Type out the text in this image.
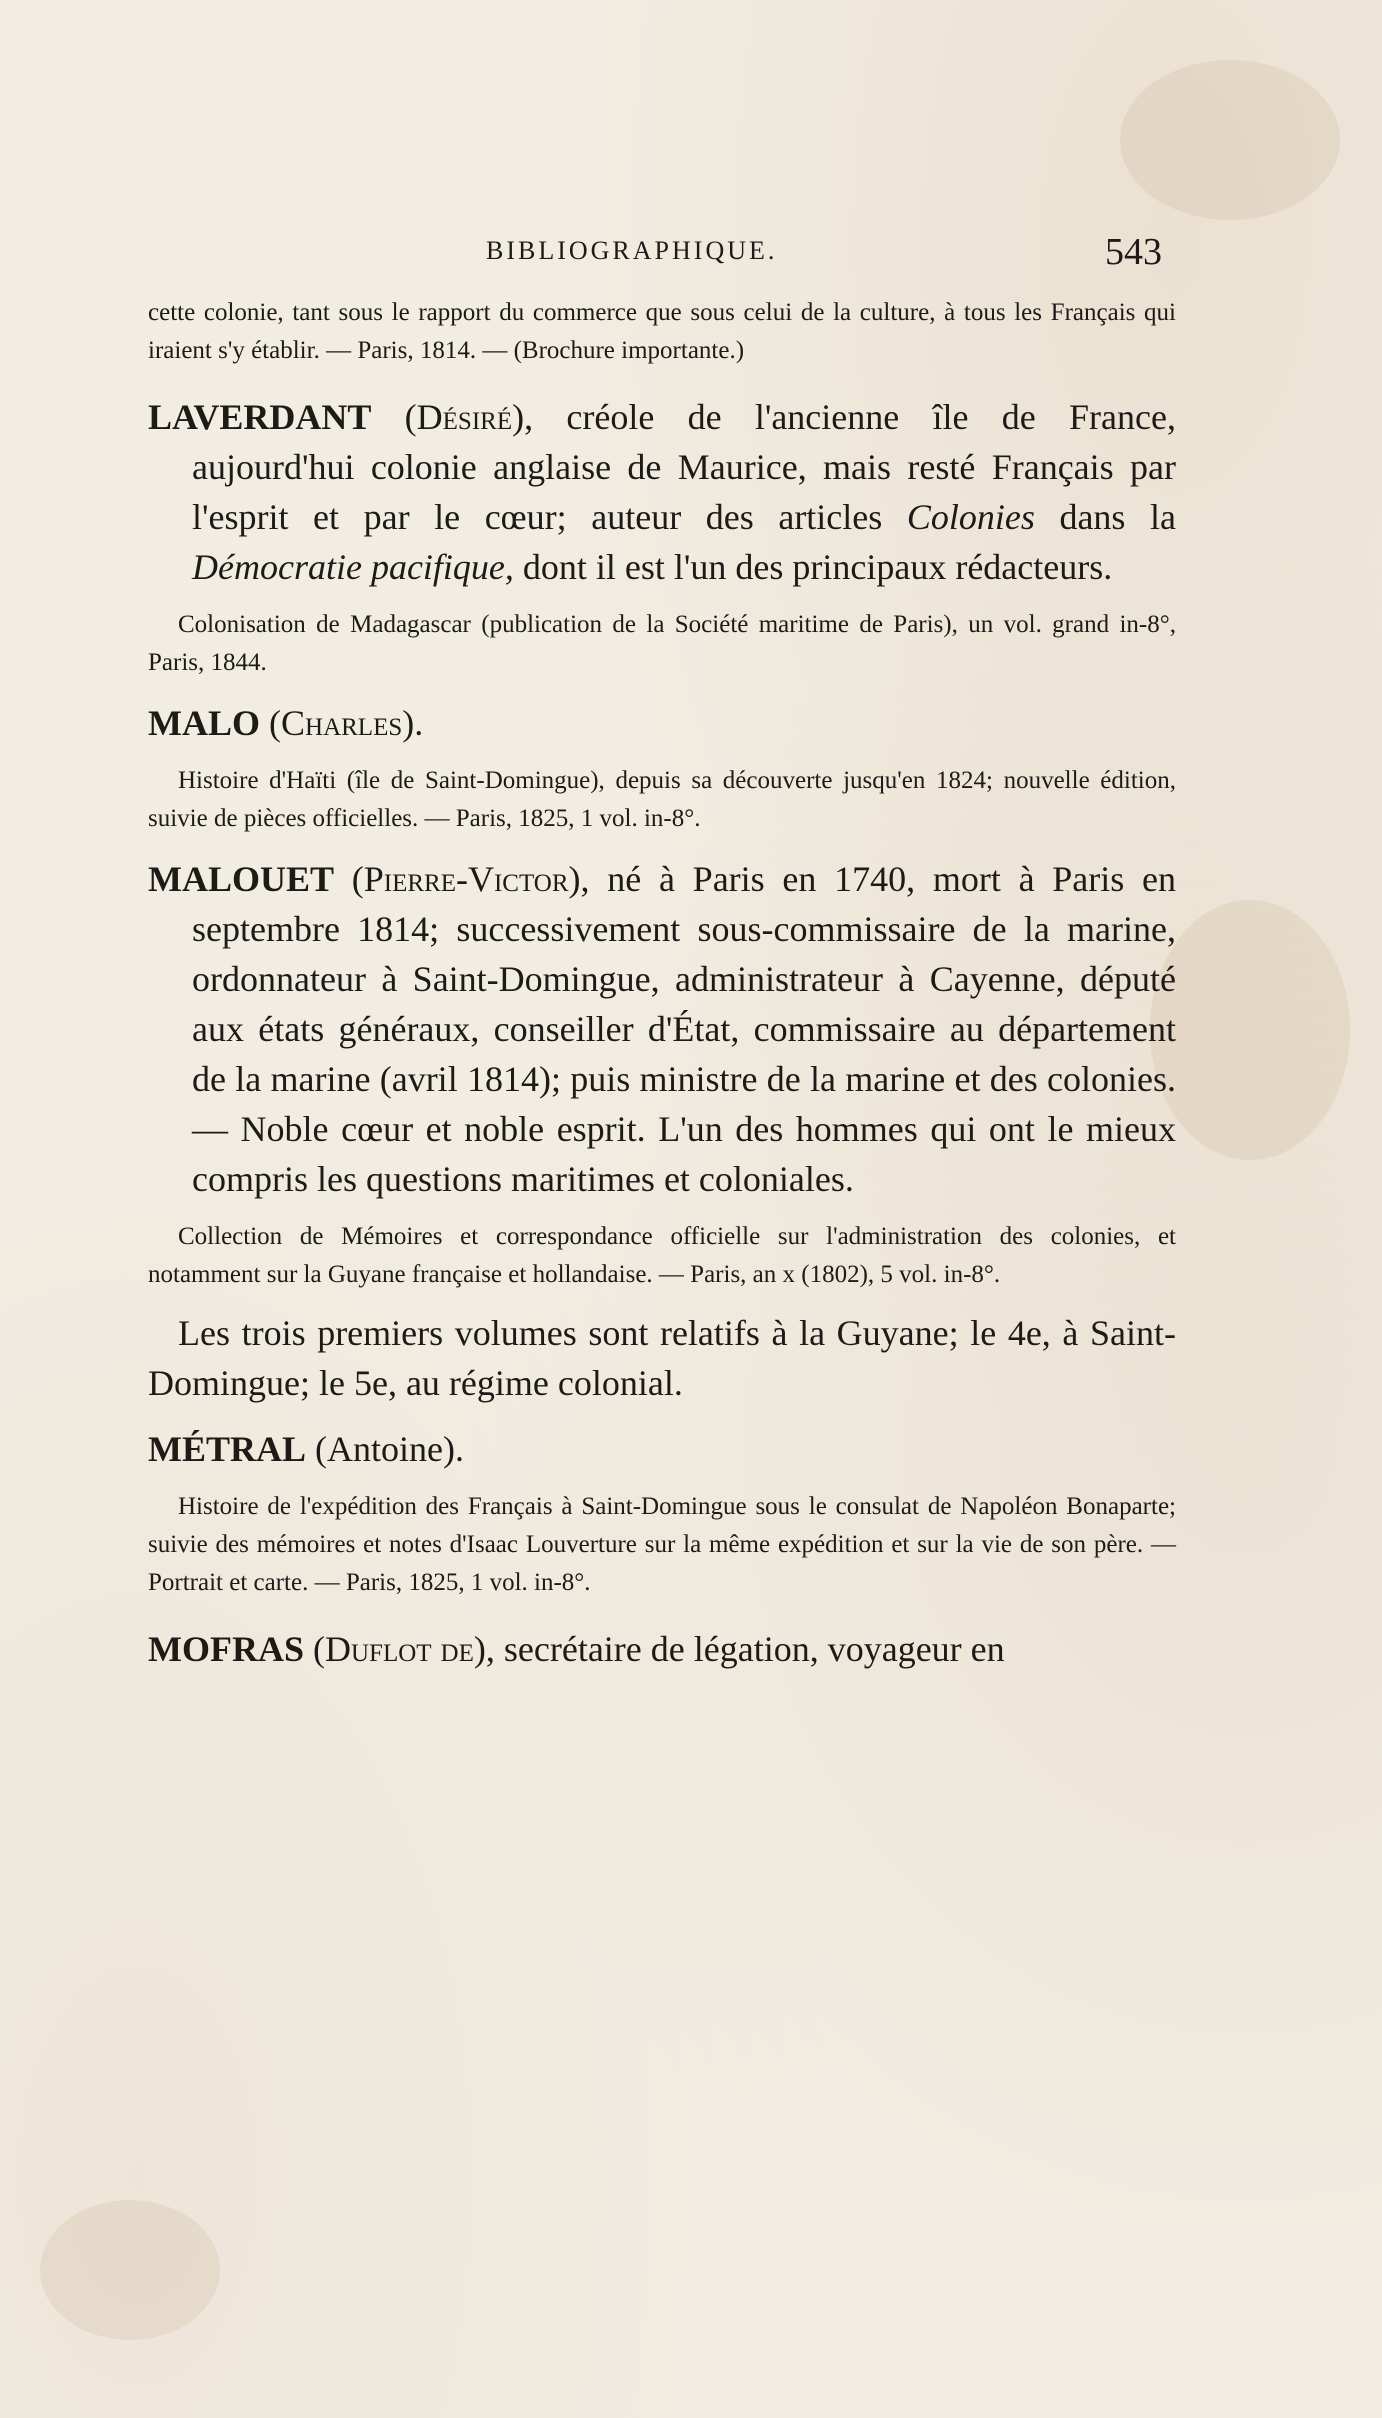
BIBLIOGRAPHIQUE.	543

cette colonie, tant sous le rapport du commerce que sous celui de la culture, à tous les Français qui iraient s'y établir. — Paris, 1814. — (Brochure importante.)

LAVERDANT (Désiré), créole de l'ancienne île de France, aujourd'hui colonie anglaise de Maurice, mais resté Français par l'esprit et par le cœur; auteur des articles Colonies dans la Démocratie pacifique, dont il est l'un des principaux rédacteurs.

Colonisation de Madagascar (publication de la Société maritime de Paris), un vol. grand in-8°, Paris, 1844.

MALO (Charles).

Histoire d'Haïti (île de Saint-Domingue), depuis sa découverte jusqu'en 1824; nouvelle édition, suivie de pièces officielles. — Paris, 1825, 1 vol. in-8°.

MALOUET (Pierre-Victor), né à Paris en 1740, mort à Paris en septembre 1814; successivement sous-commissaire de la marine, ordonnateur à Saint-Domingue, administrateur à Cayenne, député aux états généraux, conseiller d'État, commissaire au département de la marine (avril 1814); puis ministre de la marine et des colonies. — Noble cœur et noble esprit. L'un des hommes qui ont le mieux compris les questions maritimes et coloniales.

Collection de Mémoires et correspondance officielle sur l'administration des colonies, et notamment sur la Guyane française et hollandaise. — Paris, an x (1802), 5 vol. in-8°.

Les trois premiers volumes sont relatifs à la Guyane; le 4e, à Saint-Domingue; le 5e, au régime colonial.

MÉTRAL (Antoine).

Histoire de l'expédition des Français à Saint-Domingue sous le consulat de Napoléon Bonaparte; suivie des mémoires et notes d'Isaac Louverture sur la même expédition et sur la vie de son père. — Portrait et carte. — Paris, 1825, 1 vol. in-8°.

MOFRAS (Duflot de), secrétaire de légation, voyageur en
